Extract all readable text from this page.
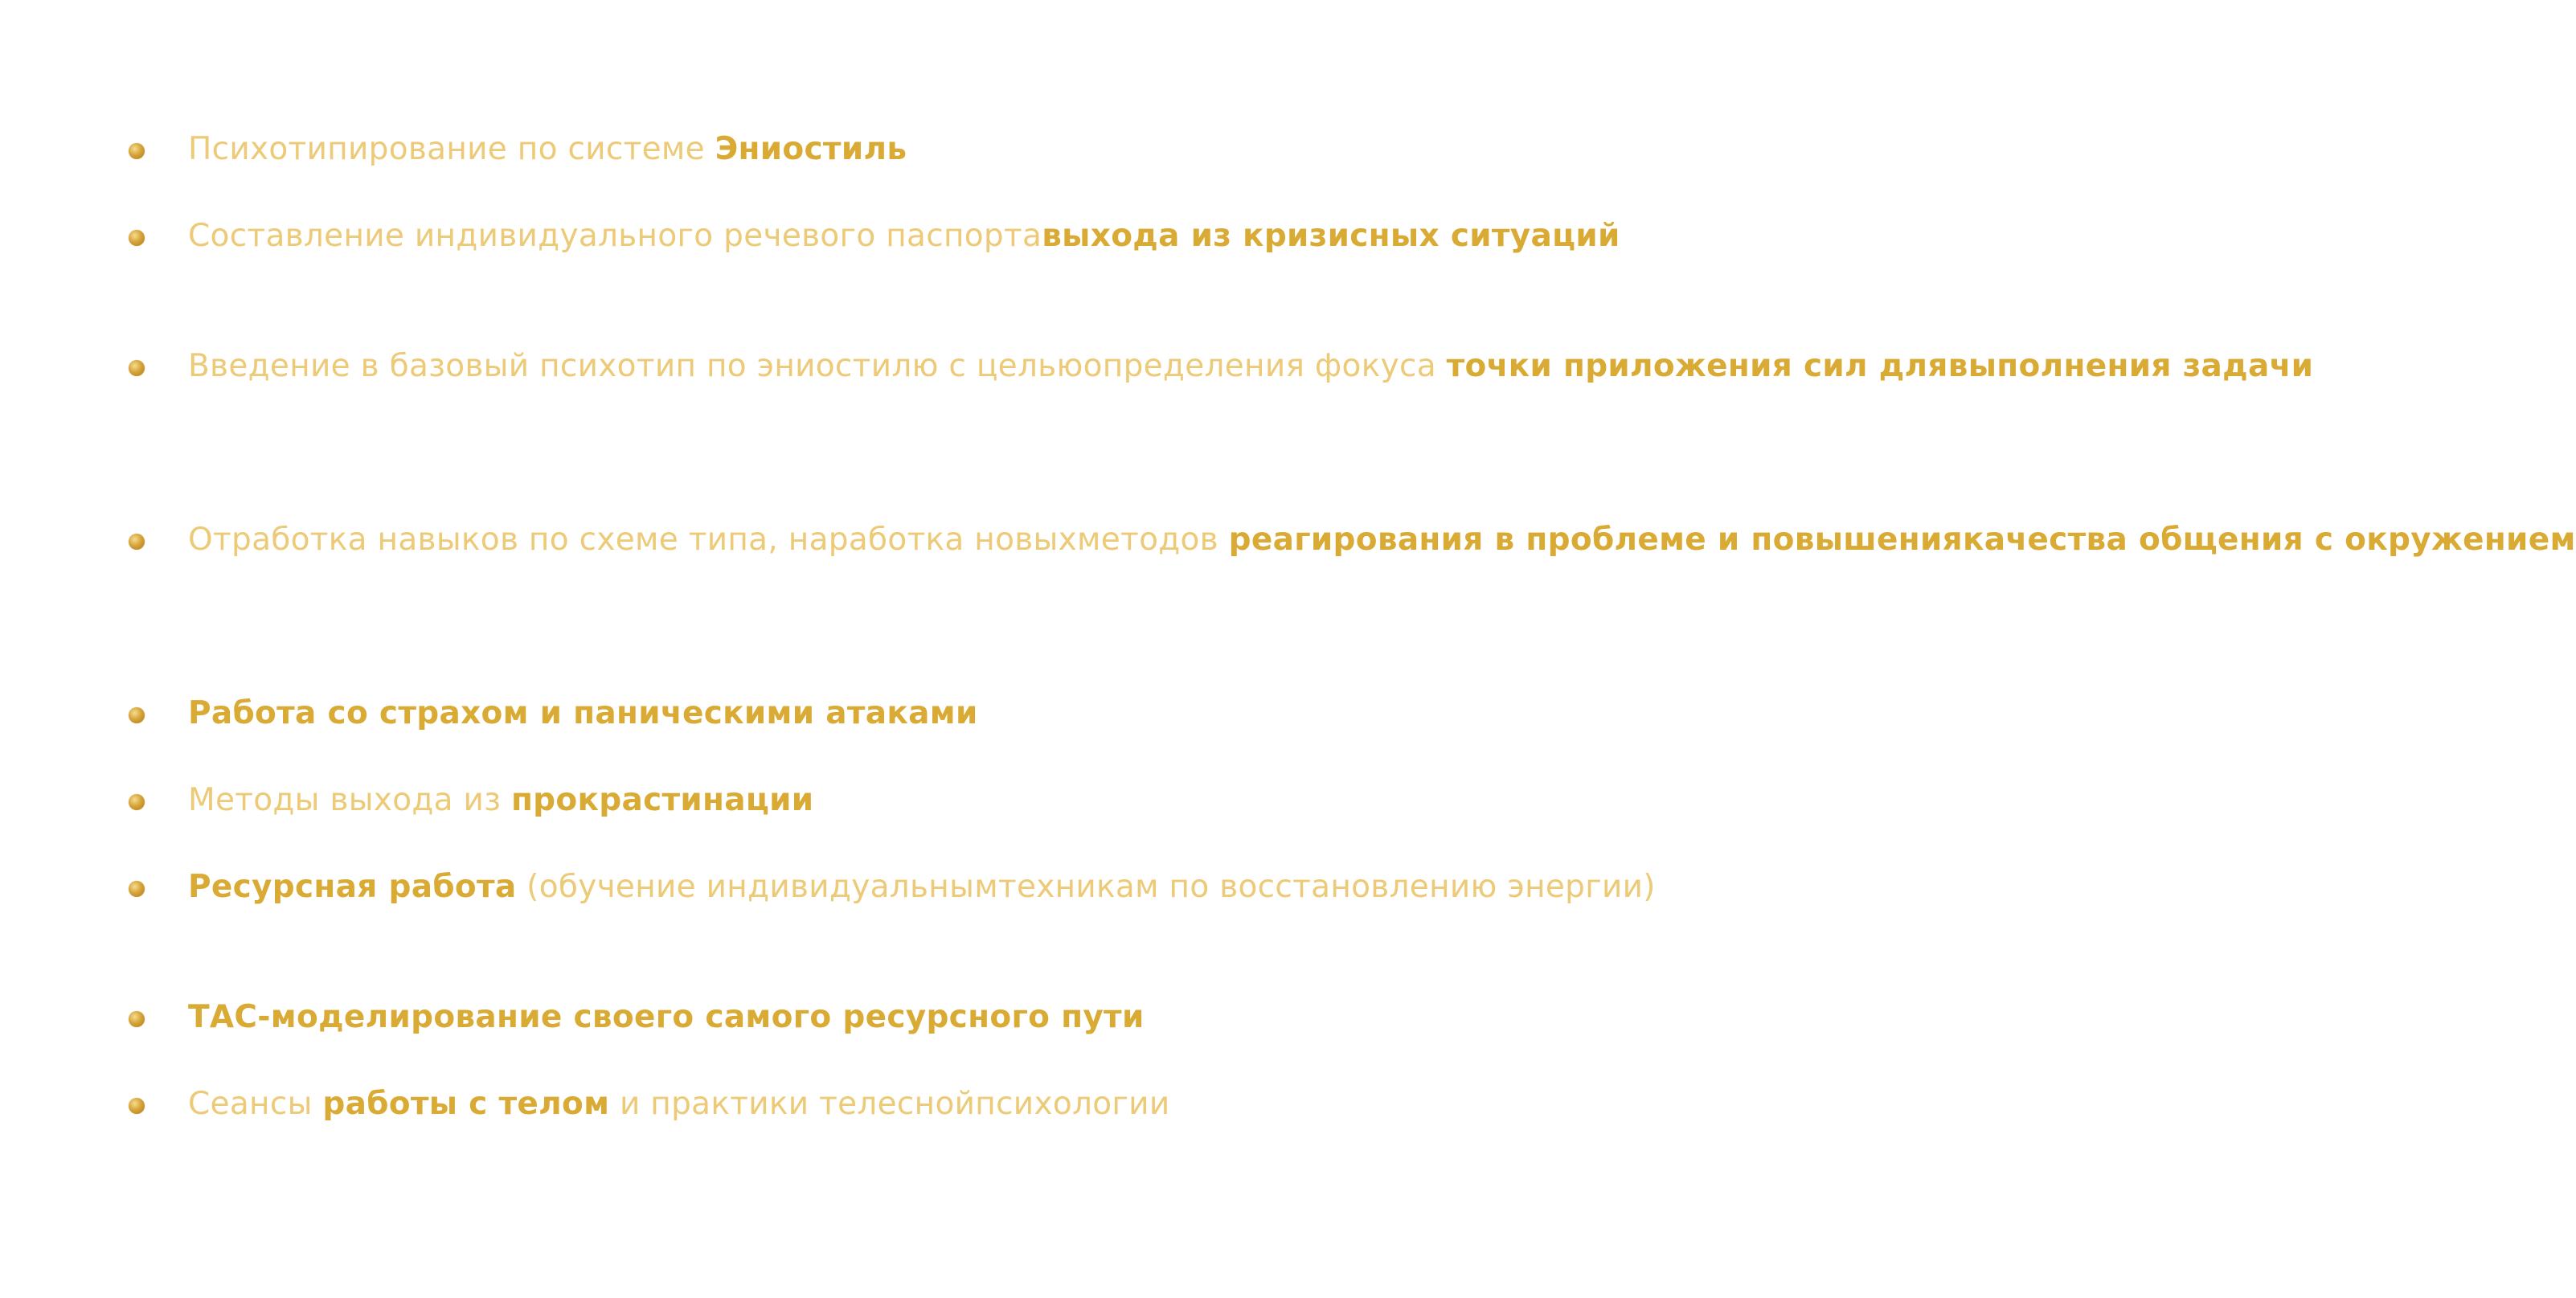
Психотипирование по системе Эниостиль

Составление индивидуального речевого паспортавыхода из кризисных ситуаций

Введение в базовый психотип по эниостилю с цельюопределения фокуса точки приложения сил длявыполнения задачи

Отработка навыков по схеме типа, наработка новыхметодов реагирования в проблеме и повышениякачества общения с окружением

Работа со страхом и паническими атаками

Методы выхода из прокрастинации

Ресурсная работа (обучение индивидуальнымтехникам по восстановлению энергии)

ТАС-моделирование своего самого ресурсного пути

Сеансы работы с телом и практики телеснойпсихологии
